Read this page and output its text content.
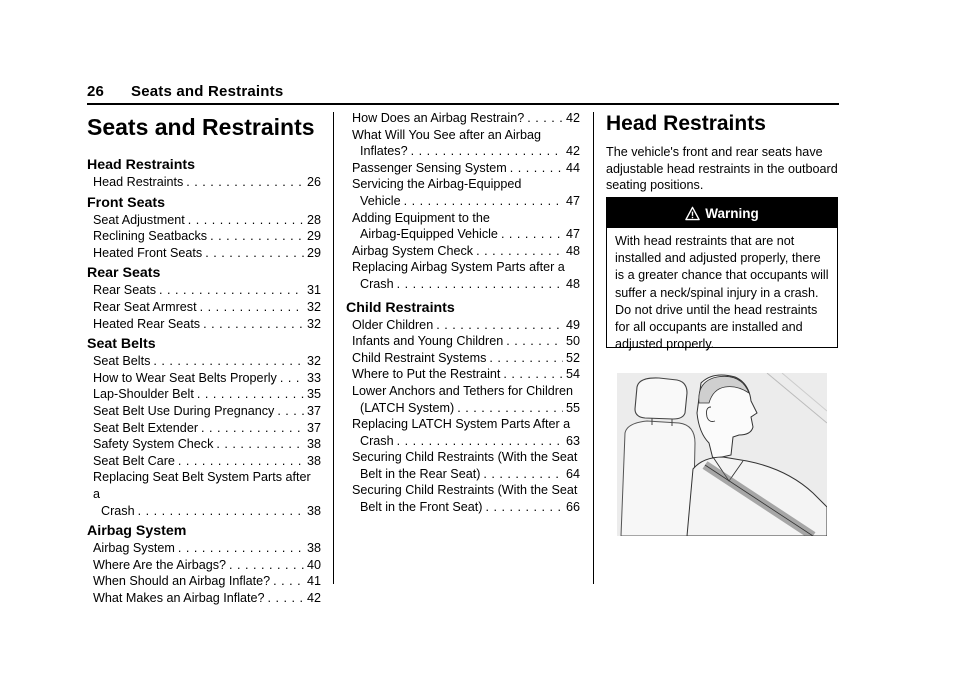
26 Seats and Restraints
Seats and Restraints
Head Restraints
Head Restraints . . .	26
Front Seats
Seat Adjustment . . .	28
Reclining Seatbacks . . .	29
Heated Front Seats . . .	29
Rear Seats
Rear Seats . . .	31
Rear Seat Armrest . . .	32
Heated Rear Seats . . .	32
Seat Belts
Seat Belts . . .	32
How to Wear Seat Belts Properly . . . 33
Lap-Shoulder Belt . . .	35
Seat Belt Use During Pregnancy . . .	37
Seat Belt Extender . . .	37
Safety System Check . . .	38
Seat Belt Care . . .	38
Replacing Seat Belt System Parts after a
Crash . . .	38
Airbag System
Airbag System . . .	38
Where Are the Airbags? . . .	40
When Should an Airbag Inflate? . . .	41
What Makes an Airbag Inflate? . . .	42
How Does an Airbag Restrain? . . .	42
What Will You See after an Airbag
Inflates? . . .	42
Passenger Sensing System . . .	44
Servicing the Airbag-Equipped
Vehicle . . .	47
Adding Equipment to the
Airbag-Equipped Vehicle . . .	47
Airbag System Check . . .	48
Replacing Airbag System Parts after a
Crash . . .	48
Child Restraints
Older Children . . .	49
Infants and Young Children . . .	50
Child Restraint Systems . . .	52
Where to Put the Restraint . . .	54
Lower Anchors and Tethers for Children
(LATCH System) . . .	55
Replacing LATCH System Parts After a
Crash . . .	63
Securing Child Restraints (With the Seat
Belt in the Rear Seat) . . .	64
Securing Child Restraints (With the Seat
Belt in the Front Seat) . . .	66
Head Restraints

The vehicle's front and rear seats have adjustable head restraints in the outboard seating positions.

Warning
With head restraints that are not installed and adjusted properly, there is a greater chance that occupants will suffer a neck/spinal injury in a crash. Do not drive until the head restraints for all occupants are installed and adjusted properly.
